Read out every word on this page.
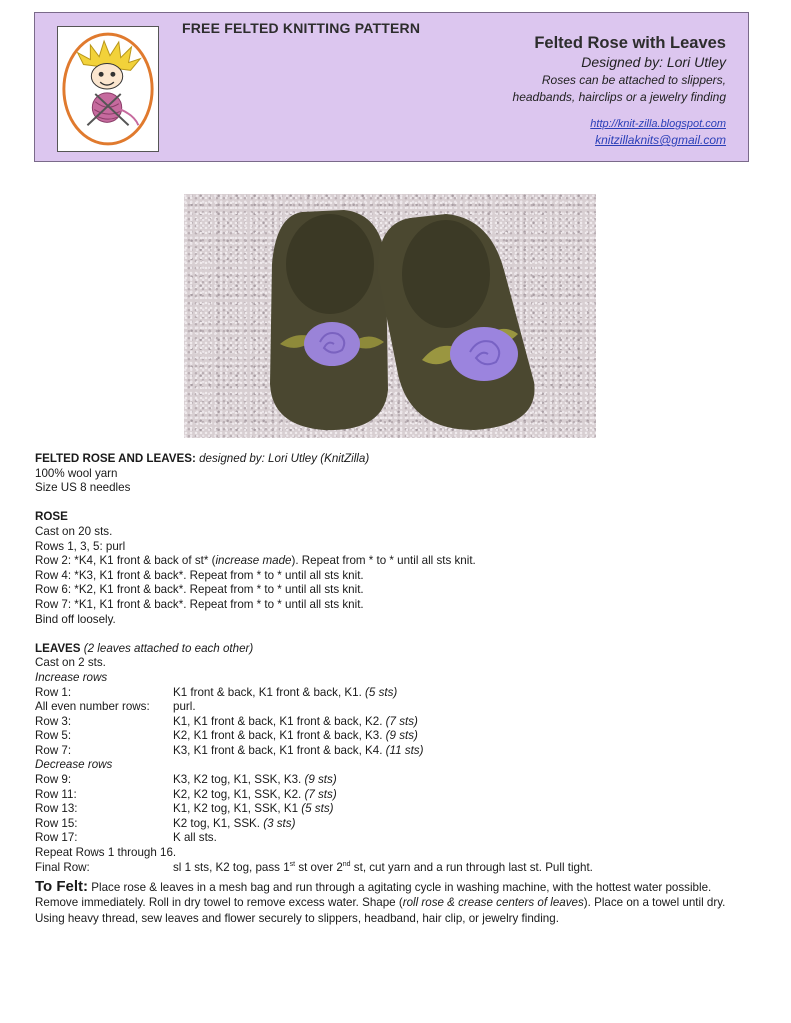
FREE FELTED KNITTING PATTERN
Felted Rose with Leaves
Designed by: Lori Utley
Roses can be attached to slippers,
headbands, hairclips or a jewelry finding
http://knit-zilla.blogspot.com
knitzillaknits@gmail.com
FELTED ROSE AND LEAVES: designed by: Lori Utley (KnitZilla)
100% wool yarn
Size US 8 needles
ROSE
Cast on 20 sts.
Rows 1, 3, 5: purl
Row 2: *K4, K1 front & back of st* (increase made). Repeat from * to * until all sts knit.
Row 4: *K3, K1 front & back*. Repeat from * to * until all sts knit.
Row 6: *K2, K1 front & back*. Repeat from * to * until all sts knit.
Row 7: *K1, K1 front & back*. Repeat from * to * until all sts knit.
Bind off loosely.
LEAVES (2 leaves attached to each other)
Cast on 2 sts.
Increase rows
Row 1:	K1 front & back, K1 front & back, K1. (5 sts)
All even number rows:	purl.
Row 3:	K1, K1 front & back, K1 front & back, K2. (7 sts)
Row 5:	K2, K1 front & back, K1 front & back, K3. (9 sts)
Row 7:	K3, K1 front & back, K1 front & back, K4. (11 sts)
Decrease rows
Row 9:	K3, K2 tog, K1, SSK, K3. (9 sts)
Row 11:	K2, K2 tog, K1, SSK, K2. (7 sts)
Row 13:	K1, K2 tog, K1, SSK, K1 (5 sts)
Row 15:	K2 tog, K1, SSK. (3 sts)
Row 17:	K all sts.
Repeat Rows 1 through 16.
Final Row:	sl 1 sts, K2 tog, pass 1st st over 2nd st, cut yarn and a run through last st. Pull tight.
To Felt: Place rose & leaves in a mesh bag and run through a agitating cycle in washing machine, with the hottest water possible. Remove immediately. Roll in dry towel to remove excess water. Shape (roll rose & crease centers of leaves). Place on a towel until dry. Using heavy thread, sew leaves and flower securely to slippers, headband, hair clip, or jewelry finding.
